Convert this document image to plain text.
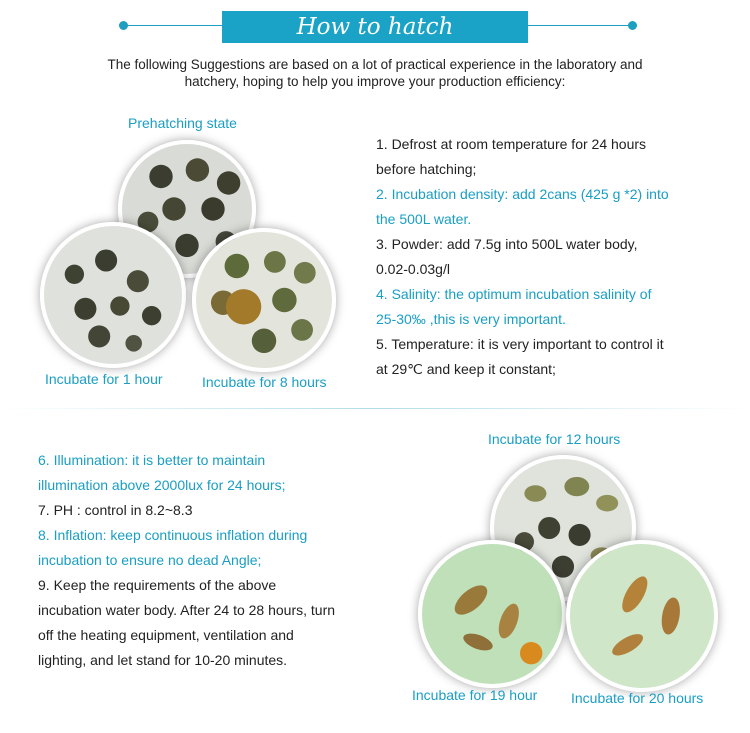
How to hatch
The following Suggestions are based on a lot of practical experience in the laboratory and
hatchery, hoping to help you improve your production efficiency:
Prehatching state
Incubate for 1 hour	Incubate for 8 hours
1. Defrost at room temperature for 24 hours
before hatching;
2. Incubation density: add 2cans (425 g *2) into
the 500L water.
3. Powder: add 7.5g into 500L water body,
0.02-0.03g/l
4. Salinity: the optimum incubation salinity of
25-30‰ ,this is very important.
5. Temperature: it is very important to control it
at 29℃ and keep it constant;
6. Illumination: it is better to maintain
illumination above 2000lux for 24 hours;
7. PH : control in 8.2~8.3
8. Inflation: keep continuous inflation during
incubation to ensure no dead Angle;
9. Keep the requirements of the above
incubation water body. After 24 to 28 hours, turn
off the heating equipment, ventilation and
lighting, and let stand for 10-20 minutes.
Incubate for 12 hours
Incubate for 19 hour Incubate for 20 hours
